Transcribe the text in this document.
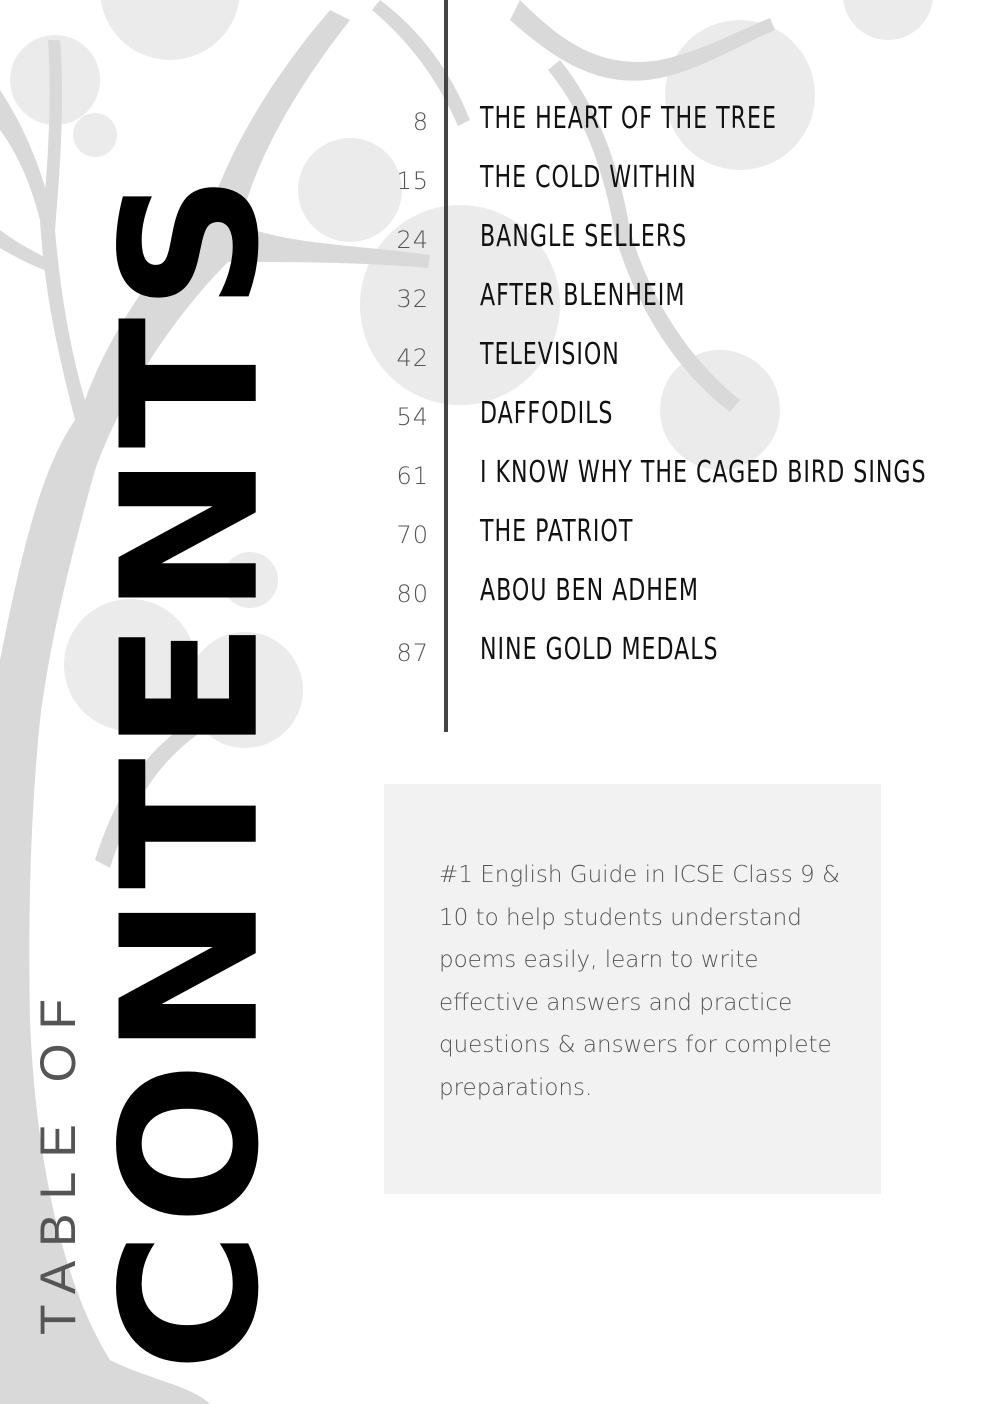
TABLE OF
CONTENTS
8 THE HEART OF THE TREE
15 THE COLD WITHIN
24 BANGLE SELLERS
32 AFTER BLENHEIM
42 TELEVISION
54 DAFFODILS
61 I KNOW WHY THE CAGED BIRD SINGS
70 THE PATRIOT
80 ABOU BEN ADHEM
87 NINE GOLD MEDALS

#1 English Guide in ICSE Class 9 & 10 to help students understand poems easily, learn to write effective answers and practice questions & answers for complete preparations.
